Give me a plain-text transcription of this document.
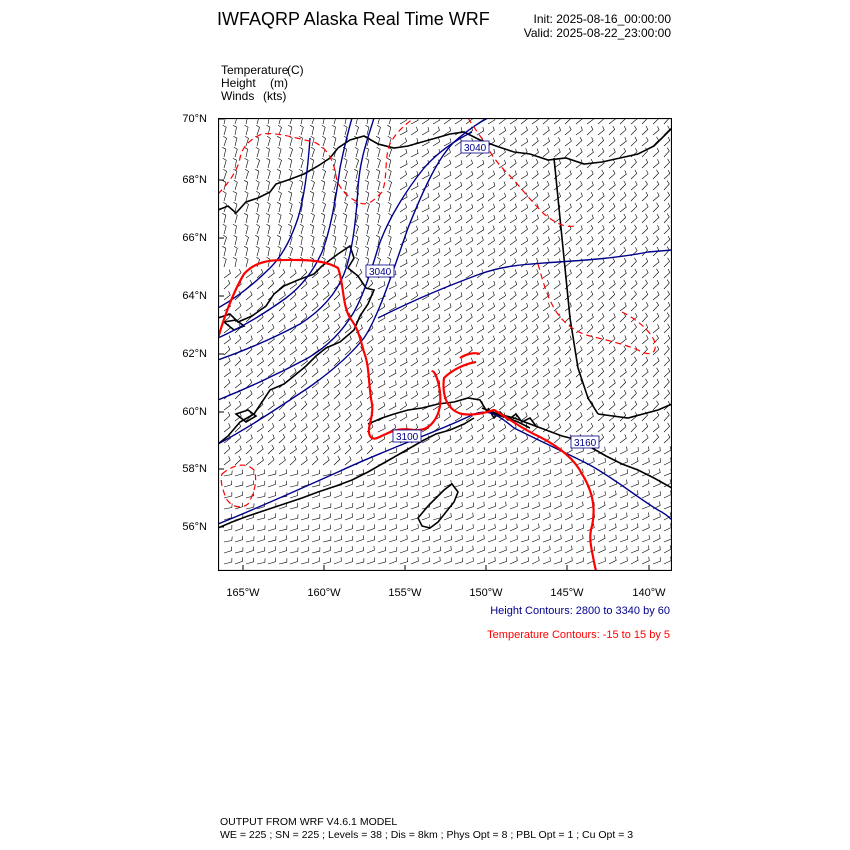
IWFAQRP Alaska Real Time WRF	Init: 2025-08-16_00:00:00
Valid: 2025-08-22_23:00:00
Temperature(C)
Height (m)
Winds (kts)
3040
3040
3100
3160
70°N
68°N
66°N
64°N
62°N
60°N
58°N
56°N
165°W	160°W	155°W	150°W	145°W	140°W
Height Contours: 2800 to 3340 by 60
Temperature Contours: -15 to 15 by 5
OUTPUT FROM WRF V4.6.1 MODEL
WE = 225 ; SN = 225 ; Levels = 38 ; Dis = 8km ; Phys Opt = 8 ; PBL Opt = 1 ; Cu Opt = 3
